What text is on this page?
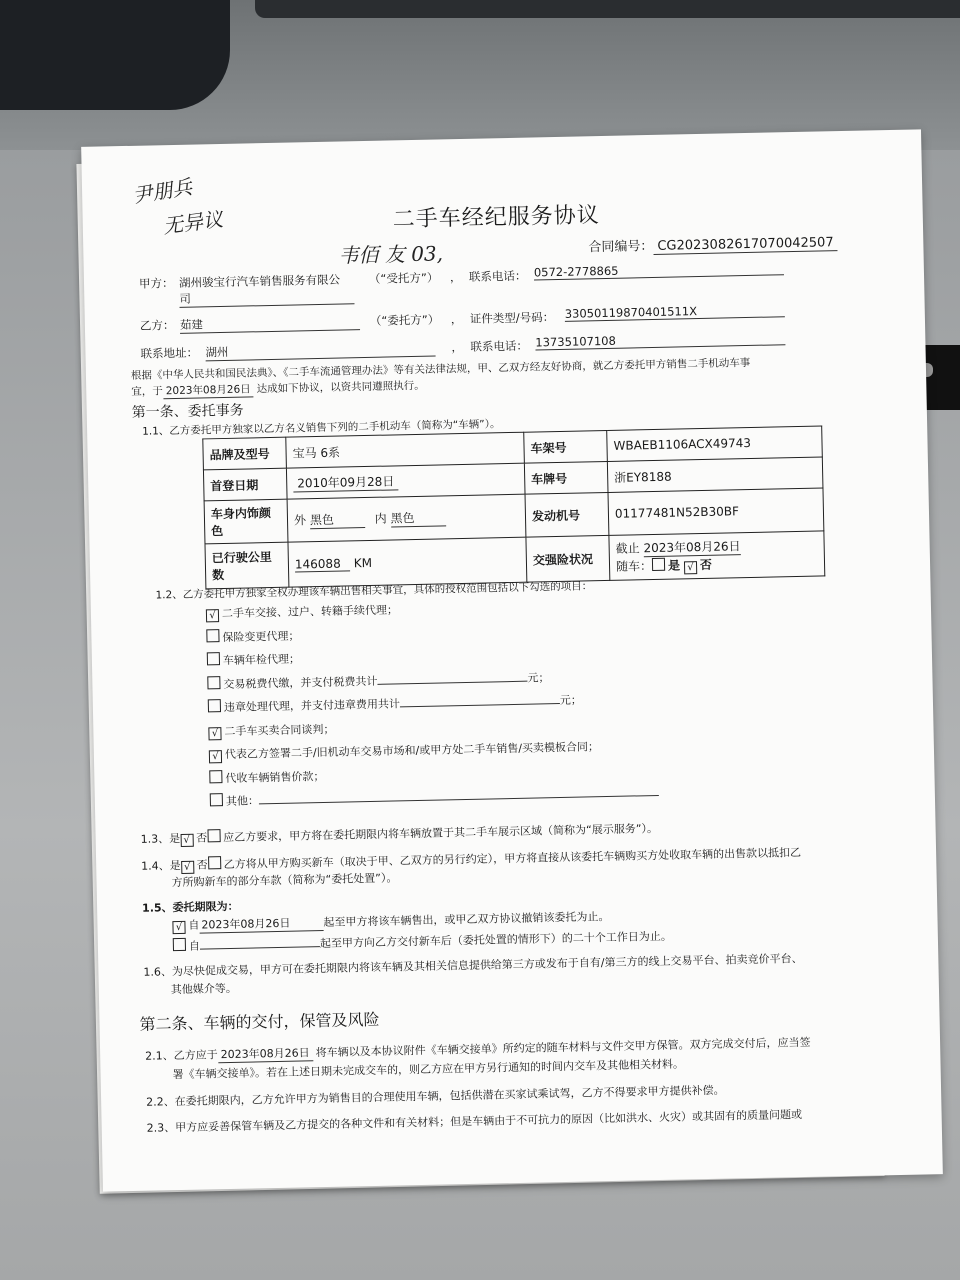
尹朋兵
无异议	二手车经纪服务协议
韦佰 友 03,	合同编号： CG2023082617070042507
甲方： 湖州骏宝行汽车销售服务有限公
司
（“受托方”） ， 联系电话： 0572-2778865
乙方： 茹建	（“委托方”） ， 证件类型/号码： 33050119870401511X
联系地址： 湖州	， 联系电话： 13735107108
根据《中华人民共和国民法典》、《二手车流通管理办法》等有关法律法规，甲、乙双方经友好协商，就乙方委托甲方销售二手机动车事
宜，于 2023年08月26日 达成如下协议，以资共同遵照执行。
第一条、委托事务
1.1、乙方委托甲方独家以乙方名义销售下列的二手机动车（简称为“车辆”）。
品牌及型号	宝马 6系	车架号	WBAEB1106ACX49743
首登日期	2010年09月28日	车牌号	浙EY8188
车身内饰颜色	外 黑色 内 黑色	发动机号	01177481N52B30BF
已行驶公里数	146088 KM	交强险状况	截止 2023年08月26日
随车： 是 √ 否
1.2、乙方委托甲方独家全权办理该车辆出售相关事宜，具体的授权范围包括以下勾选的项目：
√ 二手车交接、过户、转籍手续代理；
保险变更代理；
车辆年检代理；
交易税费代缴，并支付税费共计	元；
违章处理代理，并支付违章费用共计	元；
√ 二手车买卖合同谈判；
√ 代表乙方签署二手/旧机动车交易市场和/或甲方处二手车销售/买卖模板合同；
代收车辆销售价款；
其他：
1.3、是 √ 否 应乙方要求，甲方将在委托期限内将车辆放置于其二手车展示区域（简称为“展示服务”）。
1.4、是 √ 否 乙方将从甲方购买新车（取决于甲、乙双方的另行约定），甲方将直接从该委托车辆购买方处收取车辆的出售款以抵扣乙
方所购新车的部分车款（简称为“委托处置”）。
1.5、委托期限为：
√ 自 2023年08月26日	起至甲方将该车辆售出，或甲乙双方协议撤销该委托为止。
自	起至甲方向乙方交付新车后（委托处置的情形下）的二十个工作日为止。
1.6、为尽快促成交易，甲方可在委托期限内将该车辆及其相关信息提供给第三方或发布于自有/第三方的线上交易平台、拍卖竞价平台、
其他媒介等。
第二条、车辆的交付，保管及风险
2.1、乙方应于 2023年08月26日 将车辆以及本协议附件《车辆交接单》所约定的随车材料与文件交甲方保管。双方完成交付后，应当签
署《车辆交接单》。若在上述日期未完成交车的，则乙方应在甲方另行通知的时间内交车及其他相关材料。
2.2、在委托期限内，乙方允许甲方为销售目的合理使用车辆，包括供潜在买家试乘试驾，乙方不得要求甲方提供补偿。
2.3、甲方应妥善保管车辆及乙方提交的各种文件和有关材料；但是车辆由于不可抗力的原因（比如洪水、火灾）或其固有的质量问题或
